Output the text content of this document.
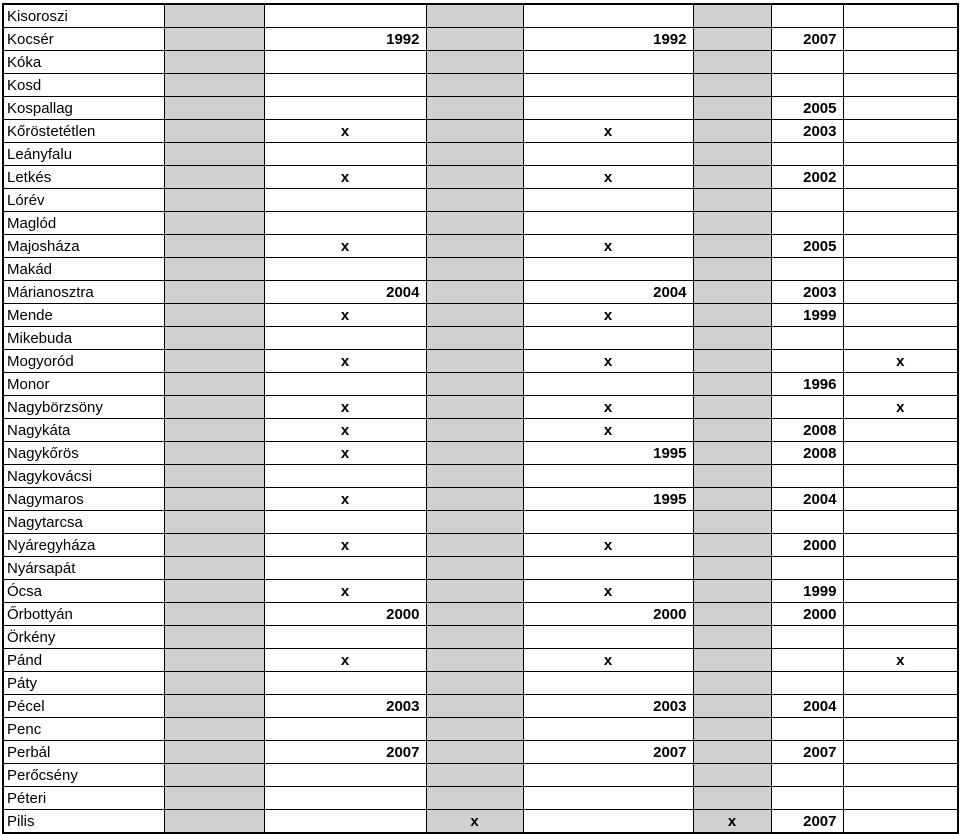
Kisoroszi							
Kocsér		1992		1992		2007	
Kóka							
Kosd							
Kospallag						2005	
Kőröstetétlen		x		x		2003	
Leányfalu							
Letkés		x		x		2002	
Lórév							
Maglód							
Majosháza		x		x		2005	
Makád							
Márianosztra		2004		2004		2003	
Mende		x		x		1999	
Mikebuda							
Mogyoród		x		x			x
Monor						1996	
Nagybörzsöny		x		x			x
Nagykáta		x		x		2008	
Nagykőrös		x		1995		2008	
Nagykovácsi							
Nagymaros		x		1995		2004	
Nagytarcsa							
Nyáregyháza		x		x		2000	
Nyársapát							
Ócsa		x		x		1999	
Őrbottyán		2000		2000		2000	
Örkény							
Pánd		x		x			x
Páty							
Pécel		2003		2003		2004	
Penc							
Perbál		2007		2007		2007	
Perőcsény							
Péteri							
Pilis			x		x	2007	
